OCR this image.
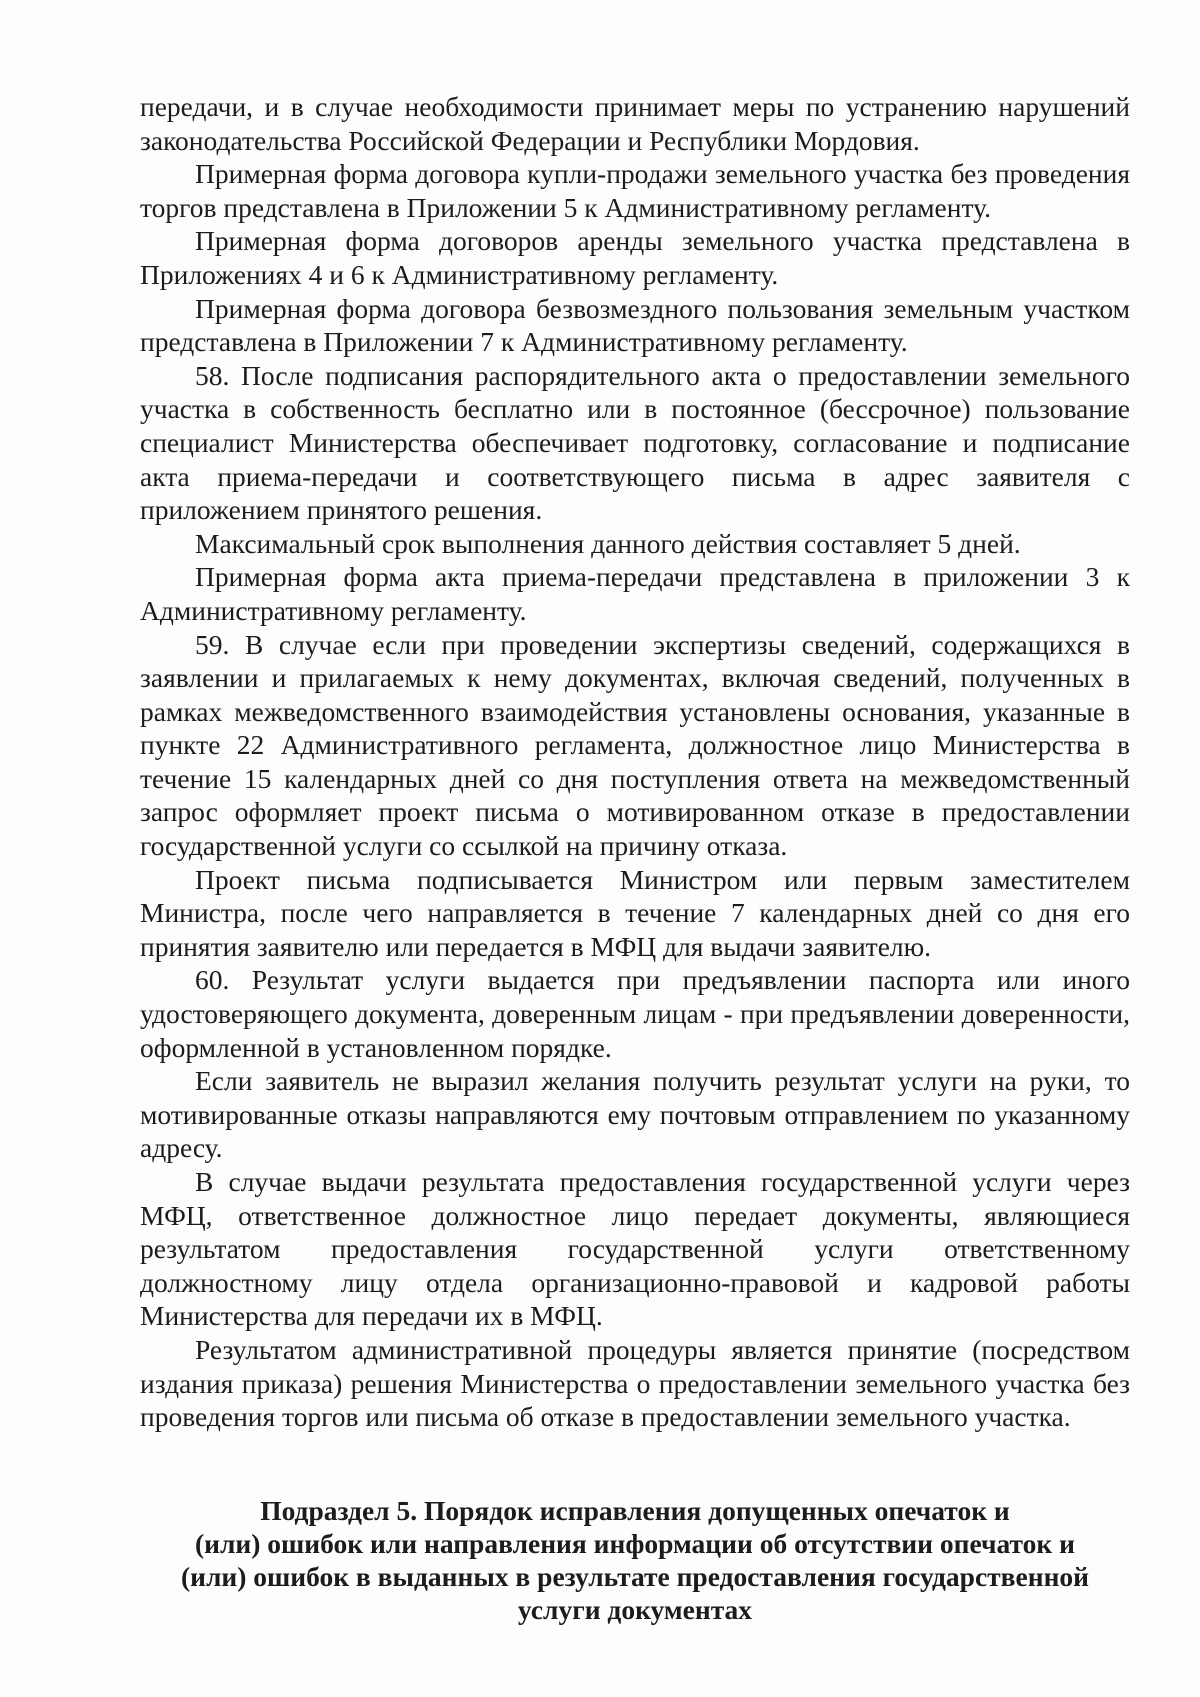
передачи, и в случае необходимости принимает меры по устранению нарушений законодательства Российской Федерации и Республики Мордовия.

Примерная форма договора купли-продажи земельного участка без проведения торгов представлена в Приложении 5 к Административному регламенту.

Примерная форма договоров аренды земельного участка представлена в Приложениях 4 и 6 к Административному регламенту.

Примерная форма договора безвозмездного пользования земельным участком представлена в Приложении 7 к Административному регламенту.

58. После подписания распорядительного акта о предоставлении земельного участка в собственность бесплатно или в постоянное (бессрочное) пользование специалист Министерства обеспечивает подготовку, согласование и подписание акта приема-передачи и соответствующего письма в адрес заявителя с приложением принятого решения.

Максимальный срок выполнения данного действия составляет 5 дней.

Примерная форма акта приема-передачи представлена в приложении 3 к Административному регламенту.

59. В случае если при проведении экспертизы сведений, содержащихся в заявлении и прилагаемых к нему документах, включая сведений, полученных в рамках межведомственного взаимодействия установлены основания, указанные в пункте 22 Административного регламента, должностное лицо Министерства в течение 15 календарных дней со дня поступления ответа на межведомственный запрос оформляет проект письма о мотивированном отказе в предоставлении государственной услуги со ссылкой на причину отказа.

Проект письма подписывается Министром или первым заместителем Министра, после чего направляется в течение 7 календарных дней со дня его принятия заявителю или передается в МФЦ для выдачи заявителю.

60. Результат услуги выдается при предъявлении паспорта или иного удостоверяющего документа, доверенным лицам - при предъявлении доверенности, оформленной в установленном порядке.

Если заявитель не выразил желания получить результат услуги на руки, то мотивированные отказы направляются ему почтовым отправлением по указанному адресу.

В случае выдачи результата предоставления государственной услуги через МФЦ, ответственное должностное лицо передает документы, являющиеся результатом предоставления государственной услуги ответственному должностному лицу отдела организационно-правовой и кадровой работы Министерства для передачи их в МФЦ.

Результатом административной процедуры является принятие (посредством издания приказа) решения Министерства о предоставлении земельного участка без проведения торгов или письма об отказе в предоставлении земельного участка.

Подраздел 5. Порядок исправления допущенных опечаток и
(или) ошибок или направления информации об отсутствии опечаток и
(или) ошибок в выданных в результате предоставления государственной
услуги документах
